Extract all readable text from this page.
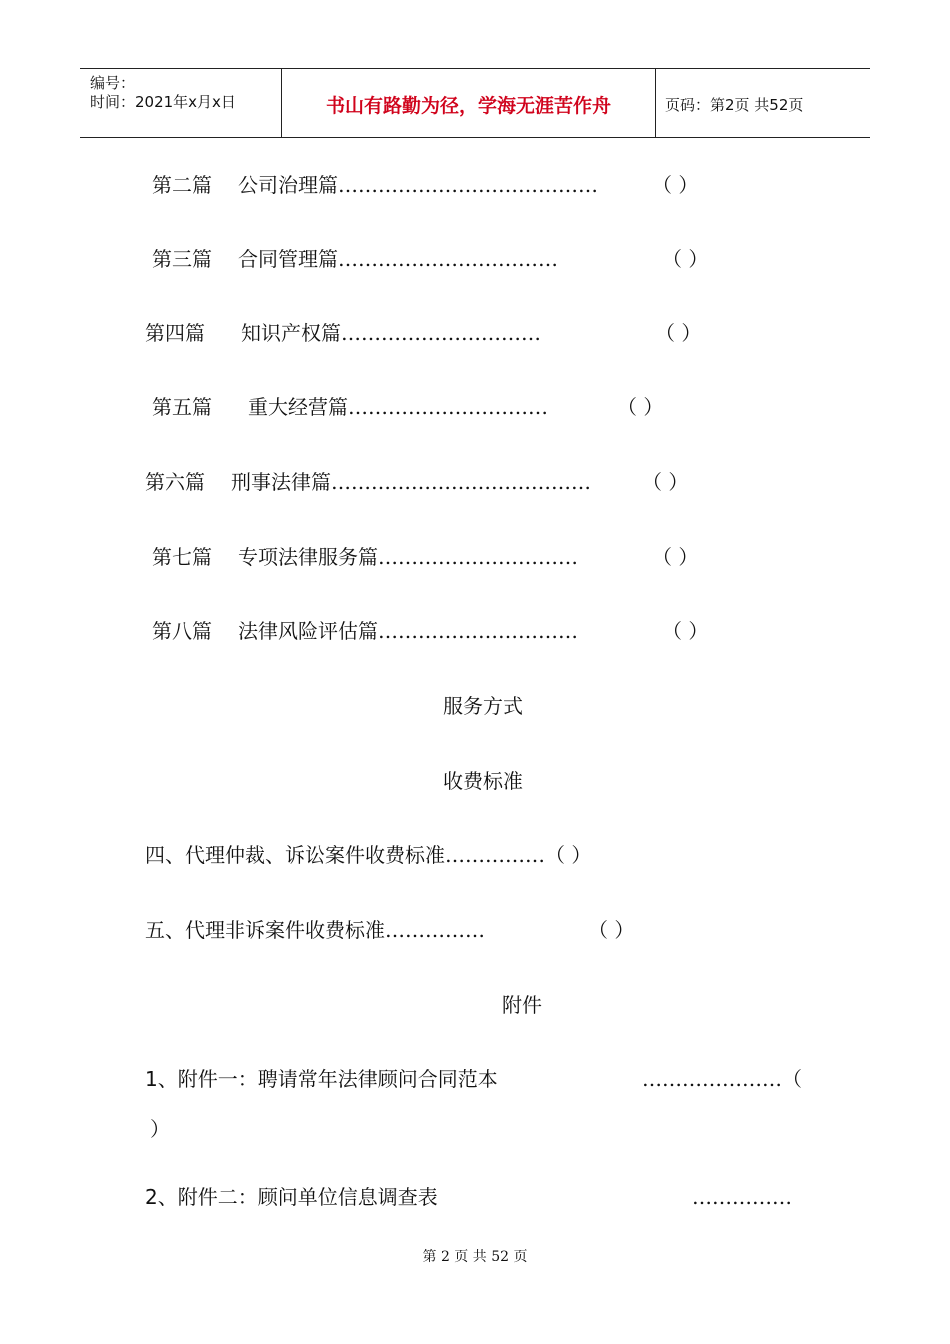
编号：
时间：2021年x月x日	书山有路勤为径，学海无涯苦作舟	页码：第2页 共52页
第二篇 公司治理篇…………………………………	（ ）
第三篇 合同管理篇……………………………	（ ）
第四篇 知识产权篇…………………………	（ ）
第五篇 重大经营篇…………………………	（ ）
第六篇 刑事法律篇…………………………………	（ ）
第七篇 专项法律服务篇…………………………	（ ）
第八篇 法律风险评估篇…………………………	（ ）
服务方式
收费标准
四、代理仲裁、诉讼案件收费标准……………（ ）
五、代理非诉案件收费标准……………	（ ）
附件
1、附件一：聘请常年法律顾问合同范本	…………………（
）
2、附件二：顾问单位信息调查表	……………
第 2 页 共 52 页
